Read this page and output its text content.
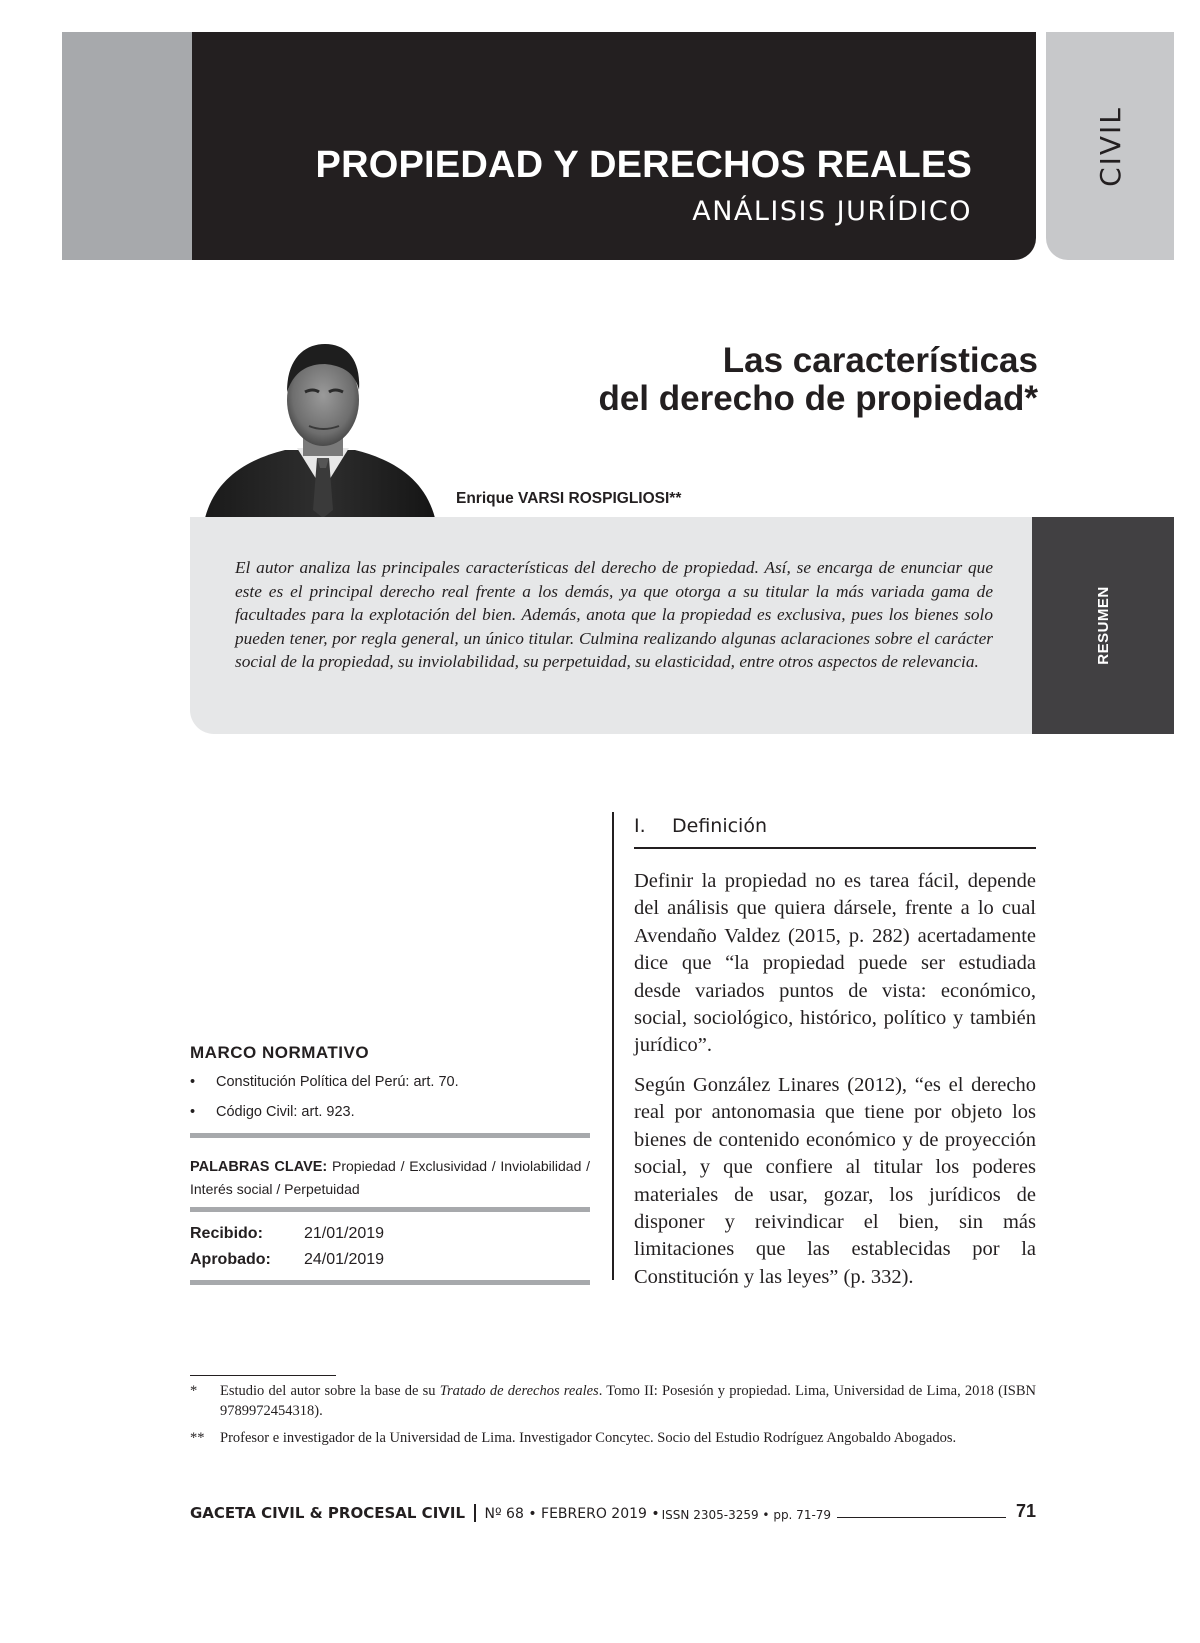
PROPIEDAD Y DERECHOS REALES
ANÁLISIS JURÍDICO
CIVIL
Las características
del derecho de propiedad*
Enrique VARSI ROSPIGLIOSI**
El autor analiza las principales características del derecho de propiedad. Así, se encarga de enunciar que este es el principal derecho real frente a los demás, ya que otorga a su titular la más variada gama de facultades para la explotación del bien. Además, anota que la propiedad es exclusiva, pues los bienes solo pueden tener, por regla general, un único titular. Culmina realizando algunas aclaraciones sobre el carácter social de la propiedad, su inviolabilidad, su perpetuidad, su elasticidad, entre otros aspectos de relevancia.	RESUMEN
MARCO NORMATIVO
• Constitución Política del Perú: art. 70.
• Código Civil: art. 923.
PALABRAS CLAVE: Propiedad / Exclusividad / Inviolabilidad / Interés social / Perpetuidad
Recibido:	21/01/2019
Aprobado: 24/01/2019
I. Definición
Definir la propiedad no es tarea fácil, depende del análisis que quiera dársele, frente a lo cual Avendaño Valdez (2015, p. 282) acertadamente dice que “la propiedad puede ser estudiada desde variados puntos de vista: económico, social, sociológico, histórico, político y también jurídico”.
Según González Linares (2012), “es el derecho real por antonomasia que tiene por objeto los bienes de contenido económico y de proyección social, y que confiere al titular los poderes materiales de usar, gozar, los jurídicos de disponer y reivindicar el bien, sin más limitaciones que las establecidas por la Constitución y las leyes” (p. 332).
* Estudio del autor sobre la base de su Tratado de derechos reales. Tomo II: Posesión y propiedad. Lima, Universidad de Lima, 2018 (ISBN 9789972454318).
** Profesor e investigador de la Universidad de Lima. Investigador Concytec. Socio del Estudio Rodríguez Angobaldo Abogados.
GACETA CIVIL & PROCESAL CIVIL Nº 68 • FEBRERO 2019 • ISSN 2305-3259 • pp. 71-79	71
